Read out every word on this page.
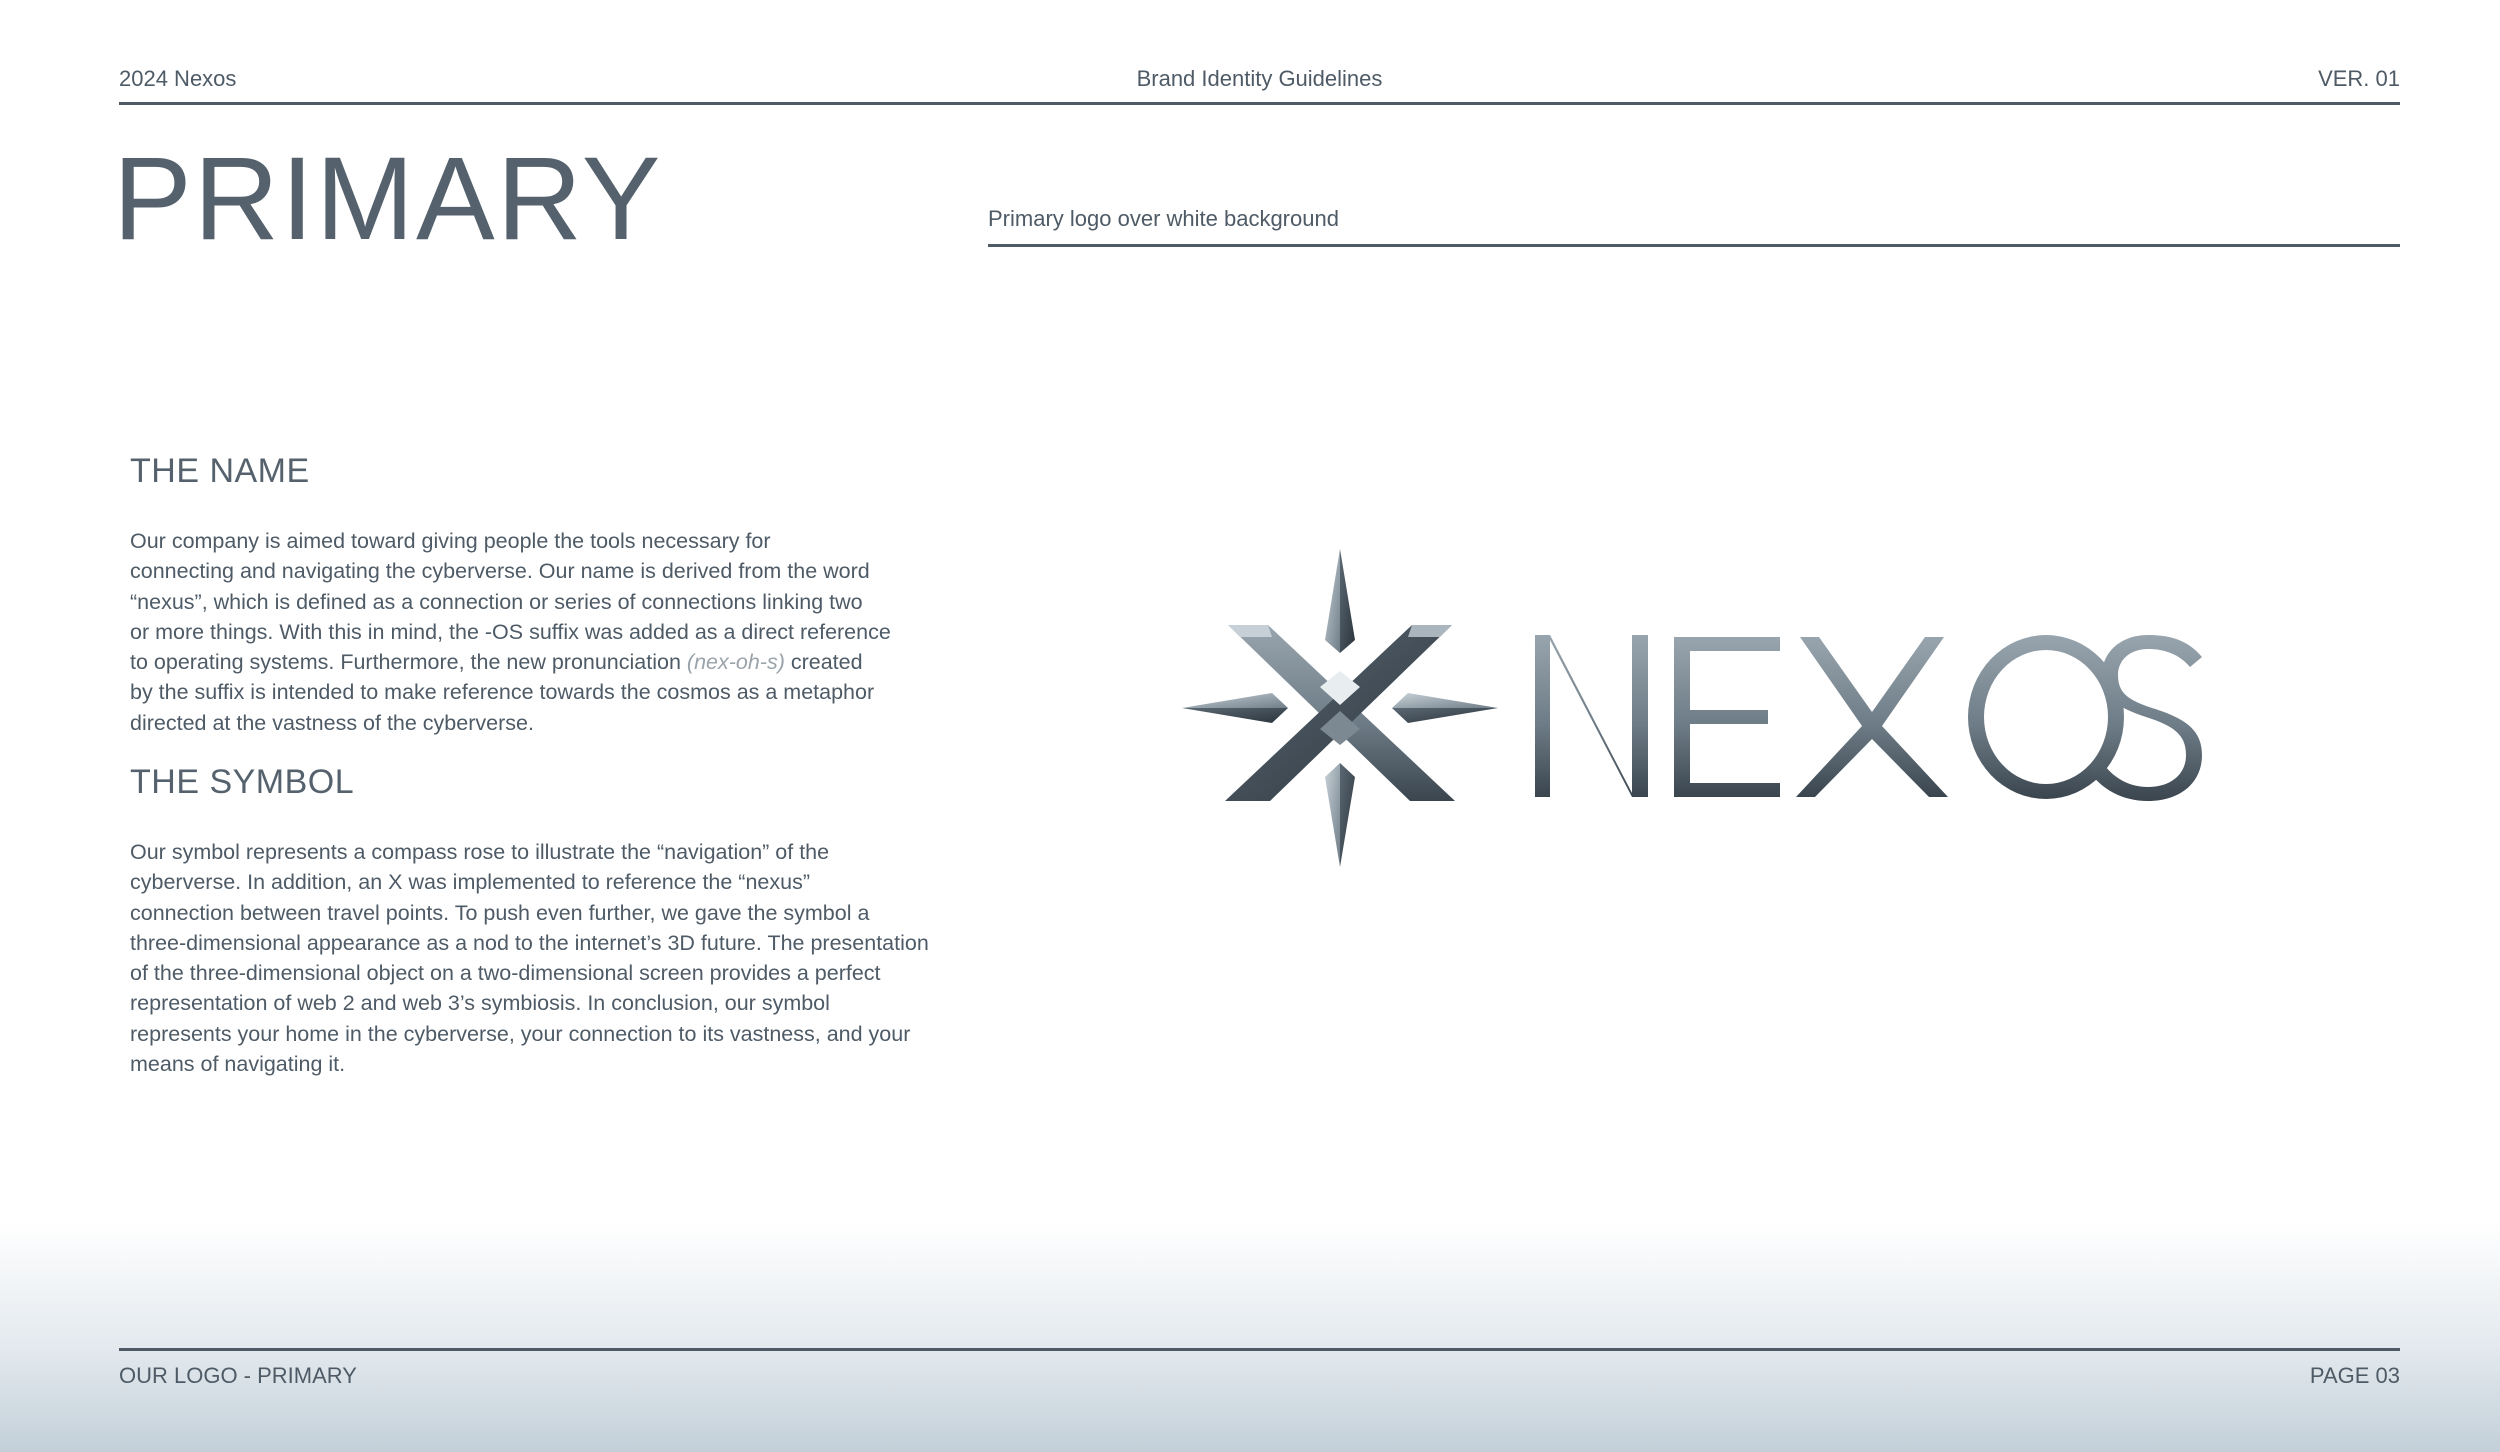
2024 Nexos	Brand Identity Guidelines	VER. 01
PRIMARY	Primary logo over white background
THE NAME

Our company is aimed toward giving people the tools necessary for
connecting and navigating the cyberverse. Our name is derived from the word
“nexus”, which is defined as a connection or series of connections linking two
or more things. With this in mind, the -OS suffix was added as a direct reference
to operating systems. Furthermore, the new pronunciation (nex-oh-s) created
by the suffix is intended to make reference towards the cosmos as a metaphor
directed at the vastness of the cyberverse.

THE SYMBOL

Our symbol represents a compass rose to illustrate the “navigation” of the
cyberverse. In addition, an X was implemented to reference the “nexus”
connection between travel points. To push even further, we gave the symbol a
three-dimensional appearance as a nod to the internet’s 3D future. The presentation
of the three-dimensional object on a two-dimensional screen provides a perfect
representation of web 2 and web 3’s symbiosis. In conclusion, our symbol
represents your home in the cyberverse, your connection to its vastness, and your
means of navigating it.

OUR LOGO - PRIMARY	PAGE 03
